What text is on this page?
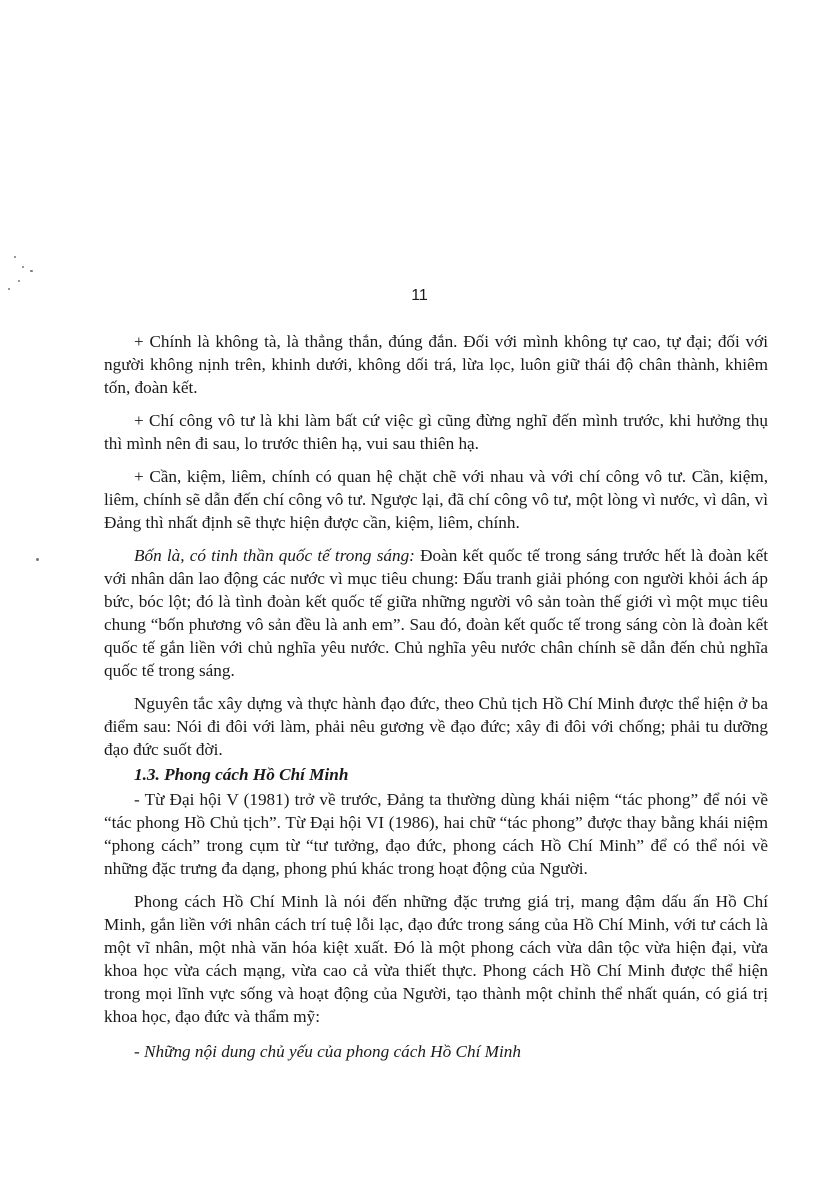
11

+ Chính là không tà, là thẳng thắn, đúng đắn. Đối với mình không tự cao, tự đại; đối với người không nịnh trên, khinh dưới, không dối trá, lừa lọc, luôn giữ thái độ chân thành, khiêm tốn, đoàn kết.

+ Chí công vô tư là khi làm bất cứ việc gì cũng đừng nghĩ đến mình trước, khi hưởng thụ thì mình nên đi sau, lo trước thiên hạ, vui sau thiên hạ.

+ Cần, kiệm, liêm, chính có quan hệ chặt chẽ với nhau và với chí công vô tư. Cần, kiệm, liêm, chính sẽ dẫn đến chí công vô tư. Ngược lại, đã chí công vô tư, một lòng vì nước, vì dân, vì Đảng thì nhất định sẽ thực hiện được cần, kiệm, liêm, chính.

Bốn là, có tinh thần quốc tế trong sáng: Đoàn kết quốc tế trong sáng trước hết là đoàn kết với nhân dân lao động các nước vì mục tiêu chung: Đấu tranh giải phóng con người khỏi ách áp bức, bóc lột; đó là tình đoàn kết quốc tế giữa những người vô sản toàn thế giới vì một mục tiêu chung “bốn phương vô sản đều là anh em”. Sau đó, đoàn kết quốc tế trong sáng còn là đoàn kết quốc tế gắn liền với chủ nghĩa yêu nước. Chủ nghĩa yêu nước chân chính sẽ dẫn đến chủ nghĩa quốc tế trong sáng.

Nguyên tắc xây dựng và thực hành đạo đức, theo Chủ tịch Hồ Chí Minh được thể hiện ở ba điểm sau: Nói đi đôi với làm, phải nêu gương về đạo đức; xây đi đôi với chống; phải tu dưỡng đạo đức suốt đời.

1.3. Phong cách Hồ Chí Minh

- Từ Đại hội V (1981) trở về trước, Đảng ta thường dùng khái niệm “tác phong” để nói về “tác phong Hồ Chủ tịch”. Từ Đại hội VI (1986), hai chữ “tác phong” được thay bằng khái niệm “phong cách” trong cụm từ “tư tưởng, đạo đức, phong cách Hồ Chí Minh” để có thể nói về những đặc trưng đa dạng, phong phú khác trong hoạt động của Người.

Phong cách Hồ Chí Minh là nói đến những đặc trưng giá trị, mang đậm dấu ấn Hồ Chí Minh, gắn liền với nhân cách trí tuệ lỗi lạc, đạo đức trong sáng của Hồ Chí Minh, với tư cách là một vĩ nhân, một nhà văn hóa kiệt xuất. Đó là một phong cách vừa dân tộc vừa hiện đại, vừa khoa học vừa cách mạng, vừa cao cả vừa thiết thực. Phong cách Hồ Chí Minh được thể hiện trong mọi lĩnh vực sống và hoạt động của Người, tạo thành một chỉnh thể nhất quán, có giá trị khoa học, đạo đức và thẩm mỹ:

- Những nội dung chủ yếu của phong cách Hồ Chí Minh
